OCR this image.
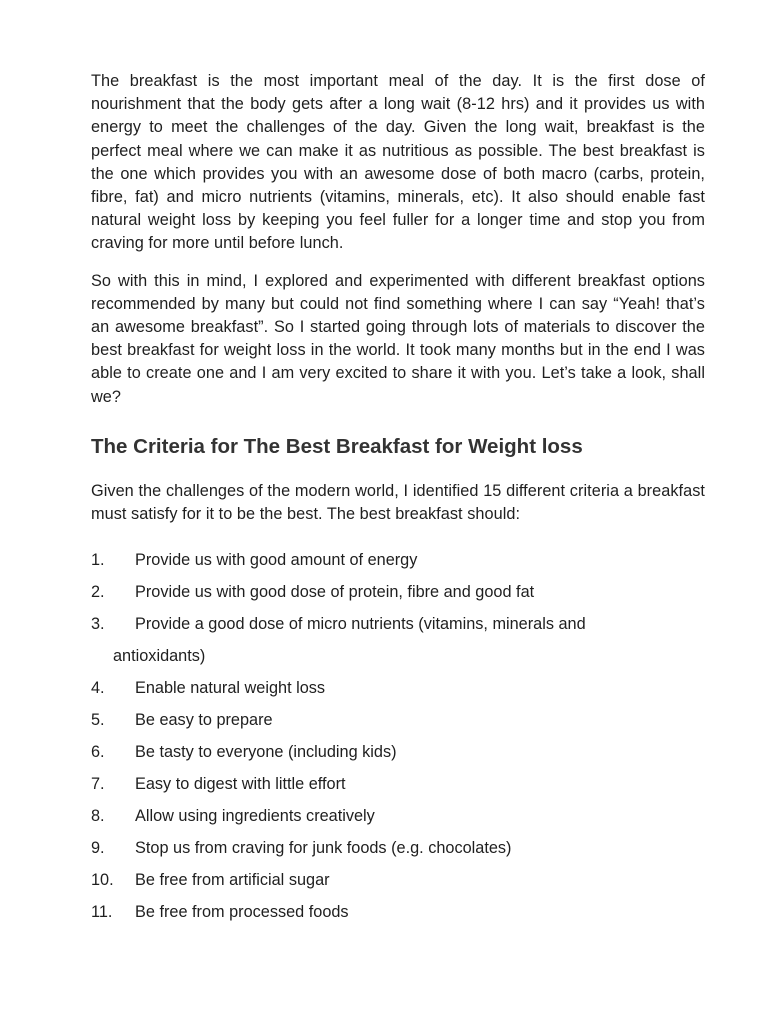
The breakfast is the most important meal of the day. It is the first dose of nourishment that the body gets after a long wait (8-12 hrs) and it provides us with energy to meet the challenges of the day. Given the long wait, breakfast is the perfect meal where we can make it as nutritious as possible. The best breakfast is the one which provides you with an awesome dose of both macro (carbs, protein, fibre, fat) and micro nutrients (vitamins, minerals, etc). It also should enable fast natural weight loss by keeping you feel fuller for a longer time and stop you from craving for more until before lunch.

So with this in mind, I explored and experimented with different breakfast options recommended by many but could not find something where I can say “Yeah! that’s an awesome breakfast”. So I started going through lots of materials to discover the best breakfast for weight loss in the world. It took many months but in the end I was able to create one and I am very excited to share it with you. Let’s take a look, shall we?

The Criteria for The Best Breakfast for Weight loss

Given the challenges of the modern world, I identified 15 different criteria a breakfast must satisfy for it to be the best. The best breakfast should:

1.	Provide us with good amount of energy
2.	Provide us with good dose of protein, fibre and good fat
3.	Provide a good dose of micro nutrients (vitamins, minerals and
antioxidants)
4.	Enable natural weight loss
5.	Be easy to prepare
6.	Be tasty to everyone (including kids)
7.	Easy to digest with little effort
8.	Allow using ingredients creatively
9.	Stop us from craving for junk foods (e.g. chocolates)
10.	Be free from artificial sugar
11.	Be free from processed foods
